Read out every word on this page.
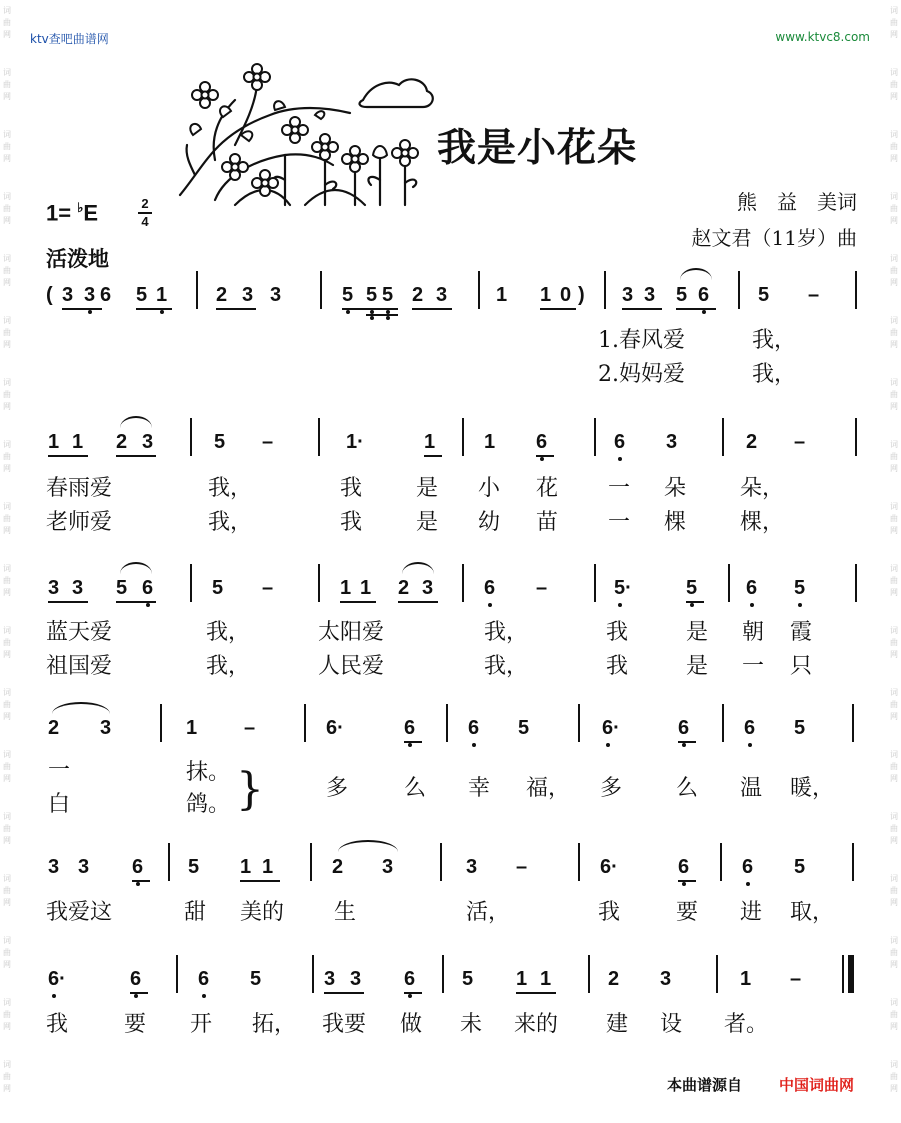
词
曲
网
词
曲
网
词
曲
网
词
曲
网
词
曲
网
词
曲
网
词
曲
网
词
曲
网
词
曲
网
词
曲
网
词
曲
网
词
曲
网
词
曲
网
词
曲
网
词
曲
网
词
曲
网
词
曲
网
词
曲
网
词
曲
网
词
曲
网
词
曲
网
词
曲
网
词
曲
网
词
曲
网
词
曲
网
词
曲
网
词
曲
网
词
曲
网
词
曲
网
词
曲
网
词
曲
网
词
曲
网
词
曲
网
词
曲
网
词
曲
网
词
曲
网
ktv查吧曲谱网	www.ktvc8.com
我是小花朵
熊　益　美词
赵文君（11岁）曲
1= ♭E	2
4
活泼地
( 3 3 6 5 1 2 3 3	5 5 5 2 3 1 1 0 ) 3 3 5 6 5 –
1.春风爱	我，
2.妈妈爱	我，
1 1 2 3	5 –	1·	1 1 6	6 3	2 –
春雨爱	我，	我 是 小 花 一 朵 朵，
老师爱	我，	我 是 幼 苗 一 棵 棵，
3 3 5 6	5 –	1 1 2 3	6 –	5·	5 6 5
蓝天爱	我，	太阳爱	我，	我	是 朝 霞
祖国爱	我，	人民爱	我，	我	是 一 只
2 3	1 –	6·	6	6 5	6·	6	6 5
一	抹。
白	鸽。
多	么 幸 福， 多 么 温 暖，
3 3 6 5 1 1	2 3	3 –	6·	6	6 5
我爱这	甜 美的 生	活，	我	要 进 取，
6·	6	6 5	3 3 6 5 1 1	2 3	1 –
我	要 开 拓， 我要 做 未 来的 建 设 者。
}
本曲谱源自 中国词曲网
